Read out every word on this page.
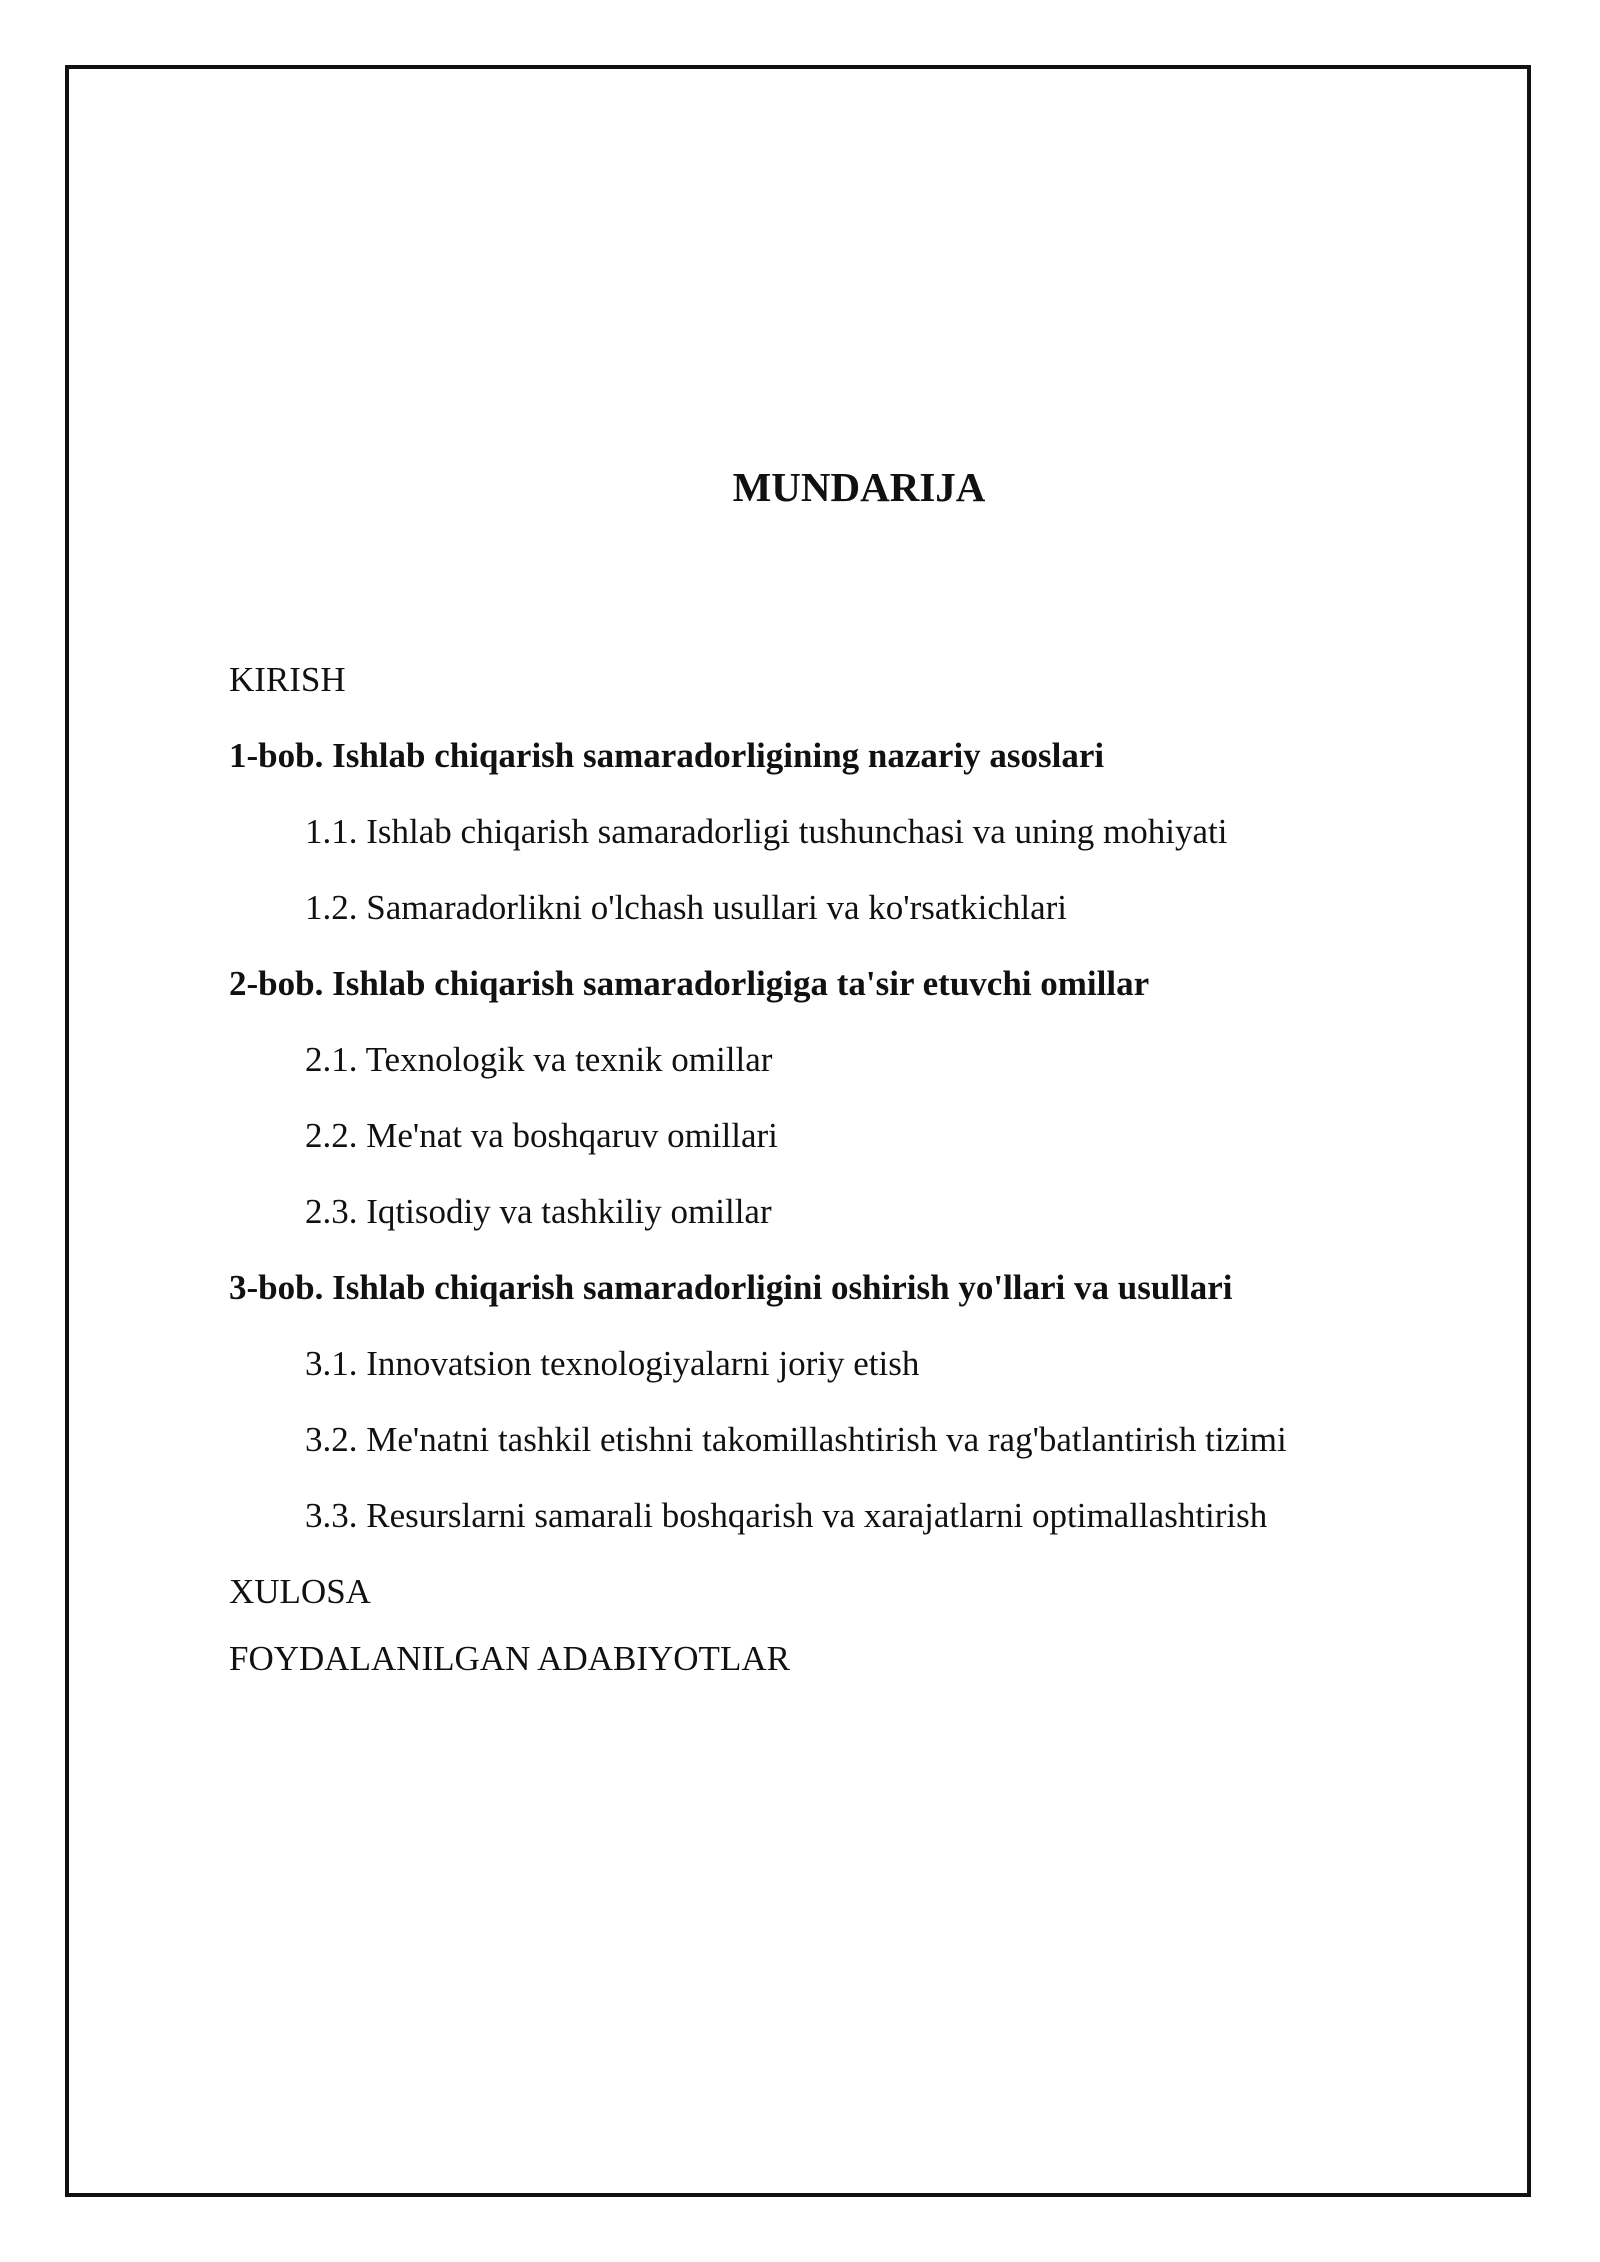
MUNDARIJA
KIRISH
1-bob. Ishlab chiqarish samaradorligining nazariy asoslari
1.1. Ishlab chiqarish samaradorligi tushunchasi va uning mohiyati
1.2. Samaradorlikni o'lchash usullari va ko'rsatkichlari
2-bob. Ishlab chiqarish samaradorligiga ta'sir etuvchi omillar
2.1. Texnologik va texnik omillar
2.2. Me'nat va boshqaruv omillari
2.3. Iqtisodiy va tashkiliy omillar
3-bob. Ishlab chiqarish samaradorligini oshirish yo'llari va usullari
3.1. Innovatsion texnologiyalarni joriy etish
3.2. Me'natni tashkil etishni takomillashtirish va rag'batlantirish tizimi
3.3. Resurslarni samarali boshqarish va xarajatlarni optimallashtirish
XULOSA
FOYDALANILGAN ADABIYOTLAR
